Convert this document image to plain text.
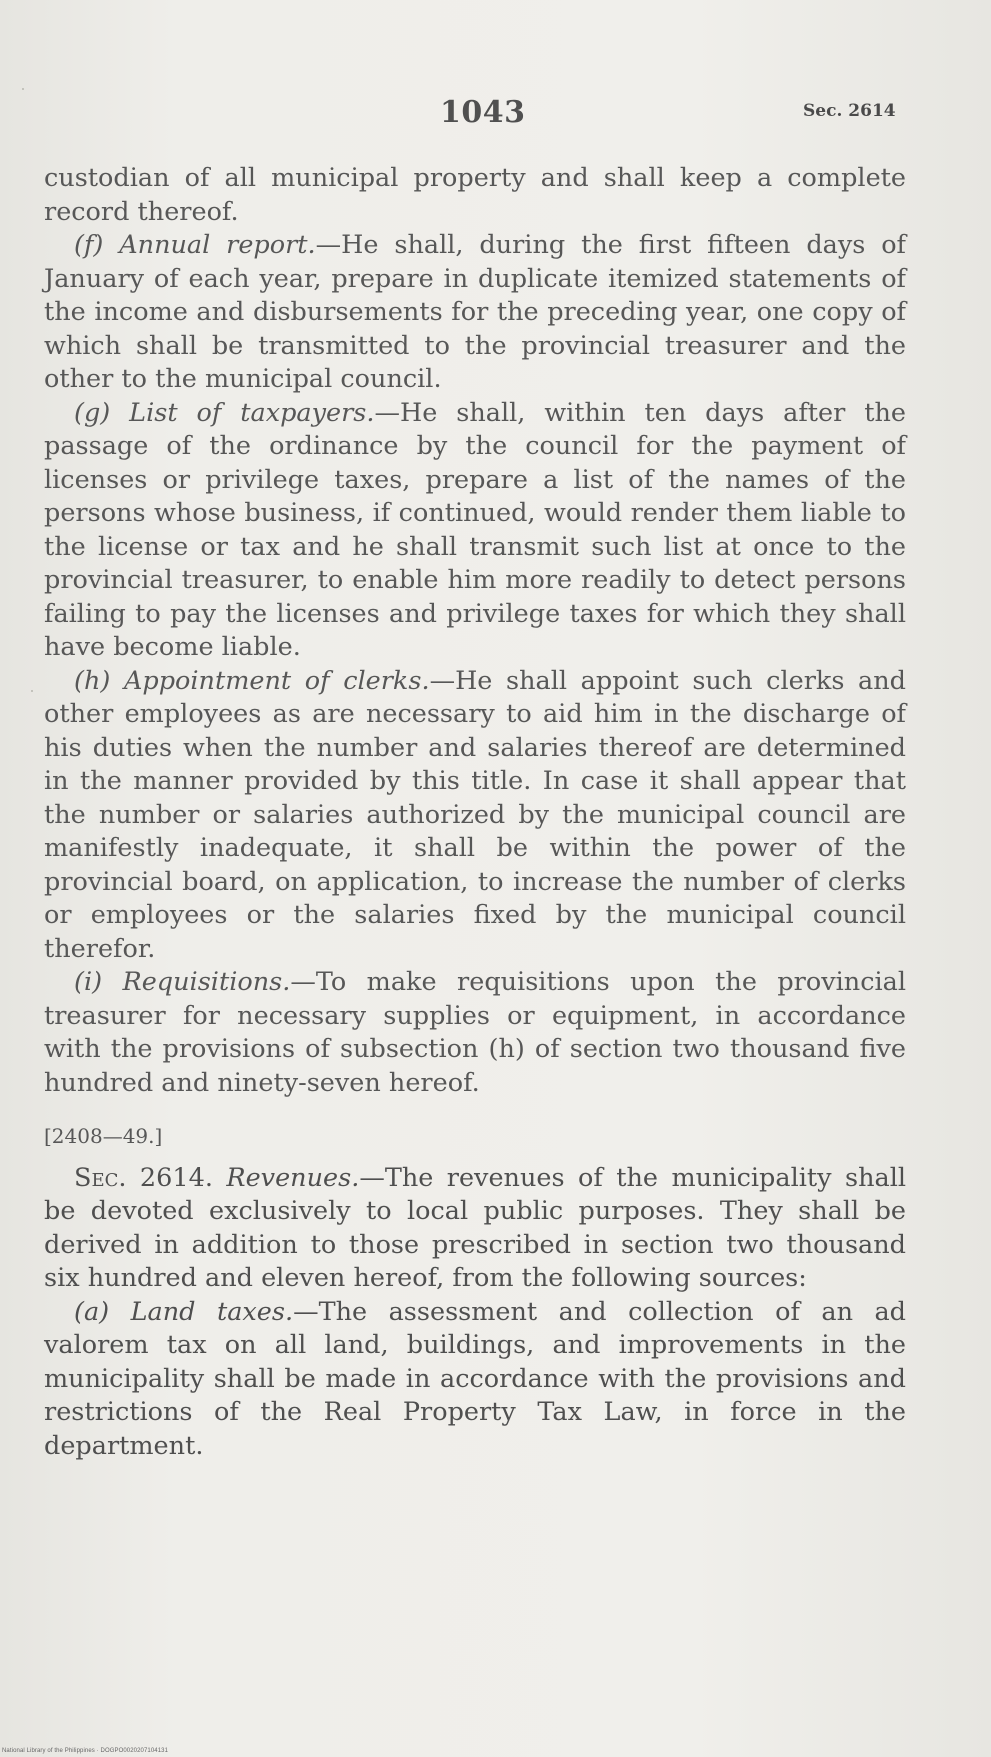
1043	Sec. 2614

custodian of all municipal property and shall keep a complete record thereof.

(f) Annual report.—He shall, during the first fifteen days of January of each year, prepare in duplicate itemized statements of the income and disbursements for the preceding year, one copy of which shall be transmitted to the provincial treasurer and the other to the municipal council.

(g) List of taxpayers.—He shall, within ten days after the passage of the ordinance by the council for the payment of licenses or privilege taxes, prepare a list of the names of the persons whose business, if continued, would render them liable to the license or tax and he shall transmit such list at once to the provincial treasurer, to enable him more readily to detect persons failing to pay the licenses and privilege taxes for which they shall have become liable.

(h) Appointment of clerks.—He shall appoint such clerks and other employees as are necessary to aid him in the discharge of his duties when the number and salaries thereof are determined in the manner provided by this title. In case it shall appear that the number or salaries authorized by the municipal council are manifestly inadequate, it shall be within the power of the provincial board, on application, to increase the number of clerks or employees or the salaries fixed by the municipal council therefor.

(i) Requisitions.—To make requisitions upon the provincial treasurer for necessary supplies or equipment, in accordance with the provisions of subsection (h) of section two thousand five hundred and ninety-seven hereof.

[2408—49.]

Sec. 2614. Revenues.—The revenues of the municipality shall be devoted exclusively to local public purposes. They shall be derived in addition to those prescribed in section two thousand six hundred and eleven hereof, from the following sources:

(a) Land taxes.—The assessment and collection of an ad valorem tax on all land, buildings, and improvements in the municipality shall be made in accordance with the provisions and restrictions of the Real Property Tax Law, in force in the department.

National Library of the Philippines · DOGPO0020207104131
